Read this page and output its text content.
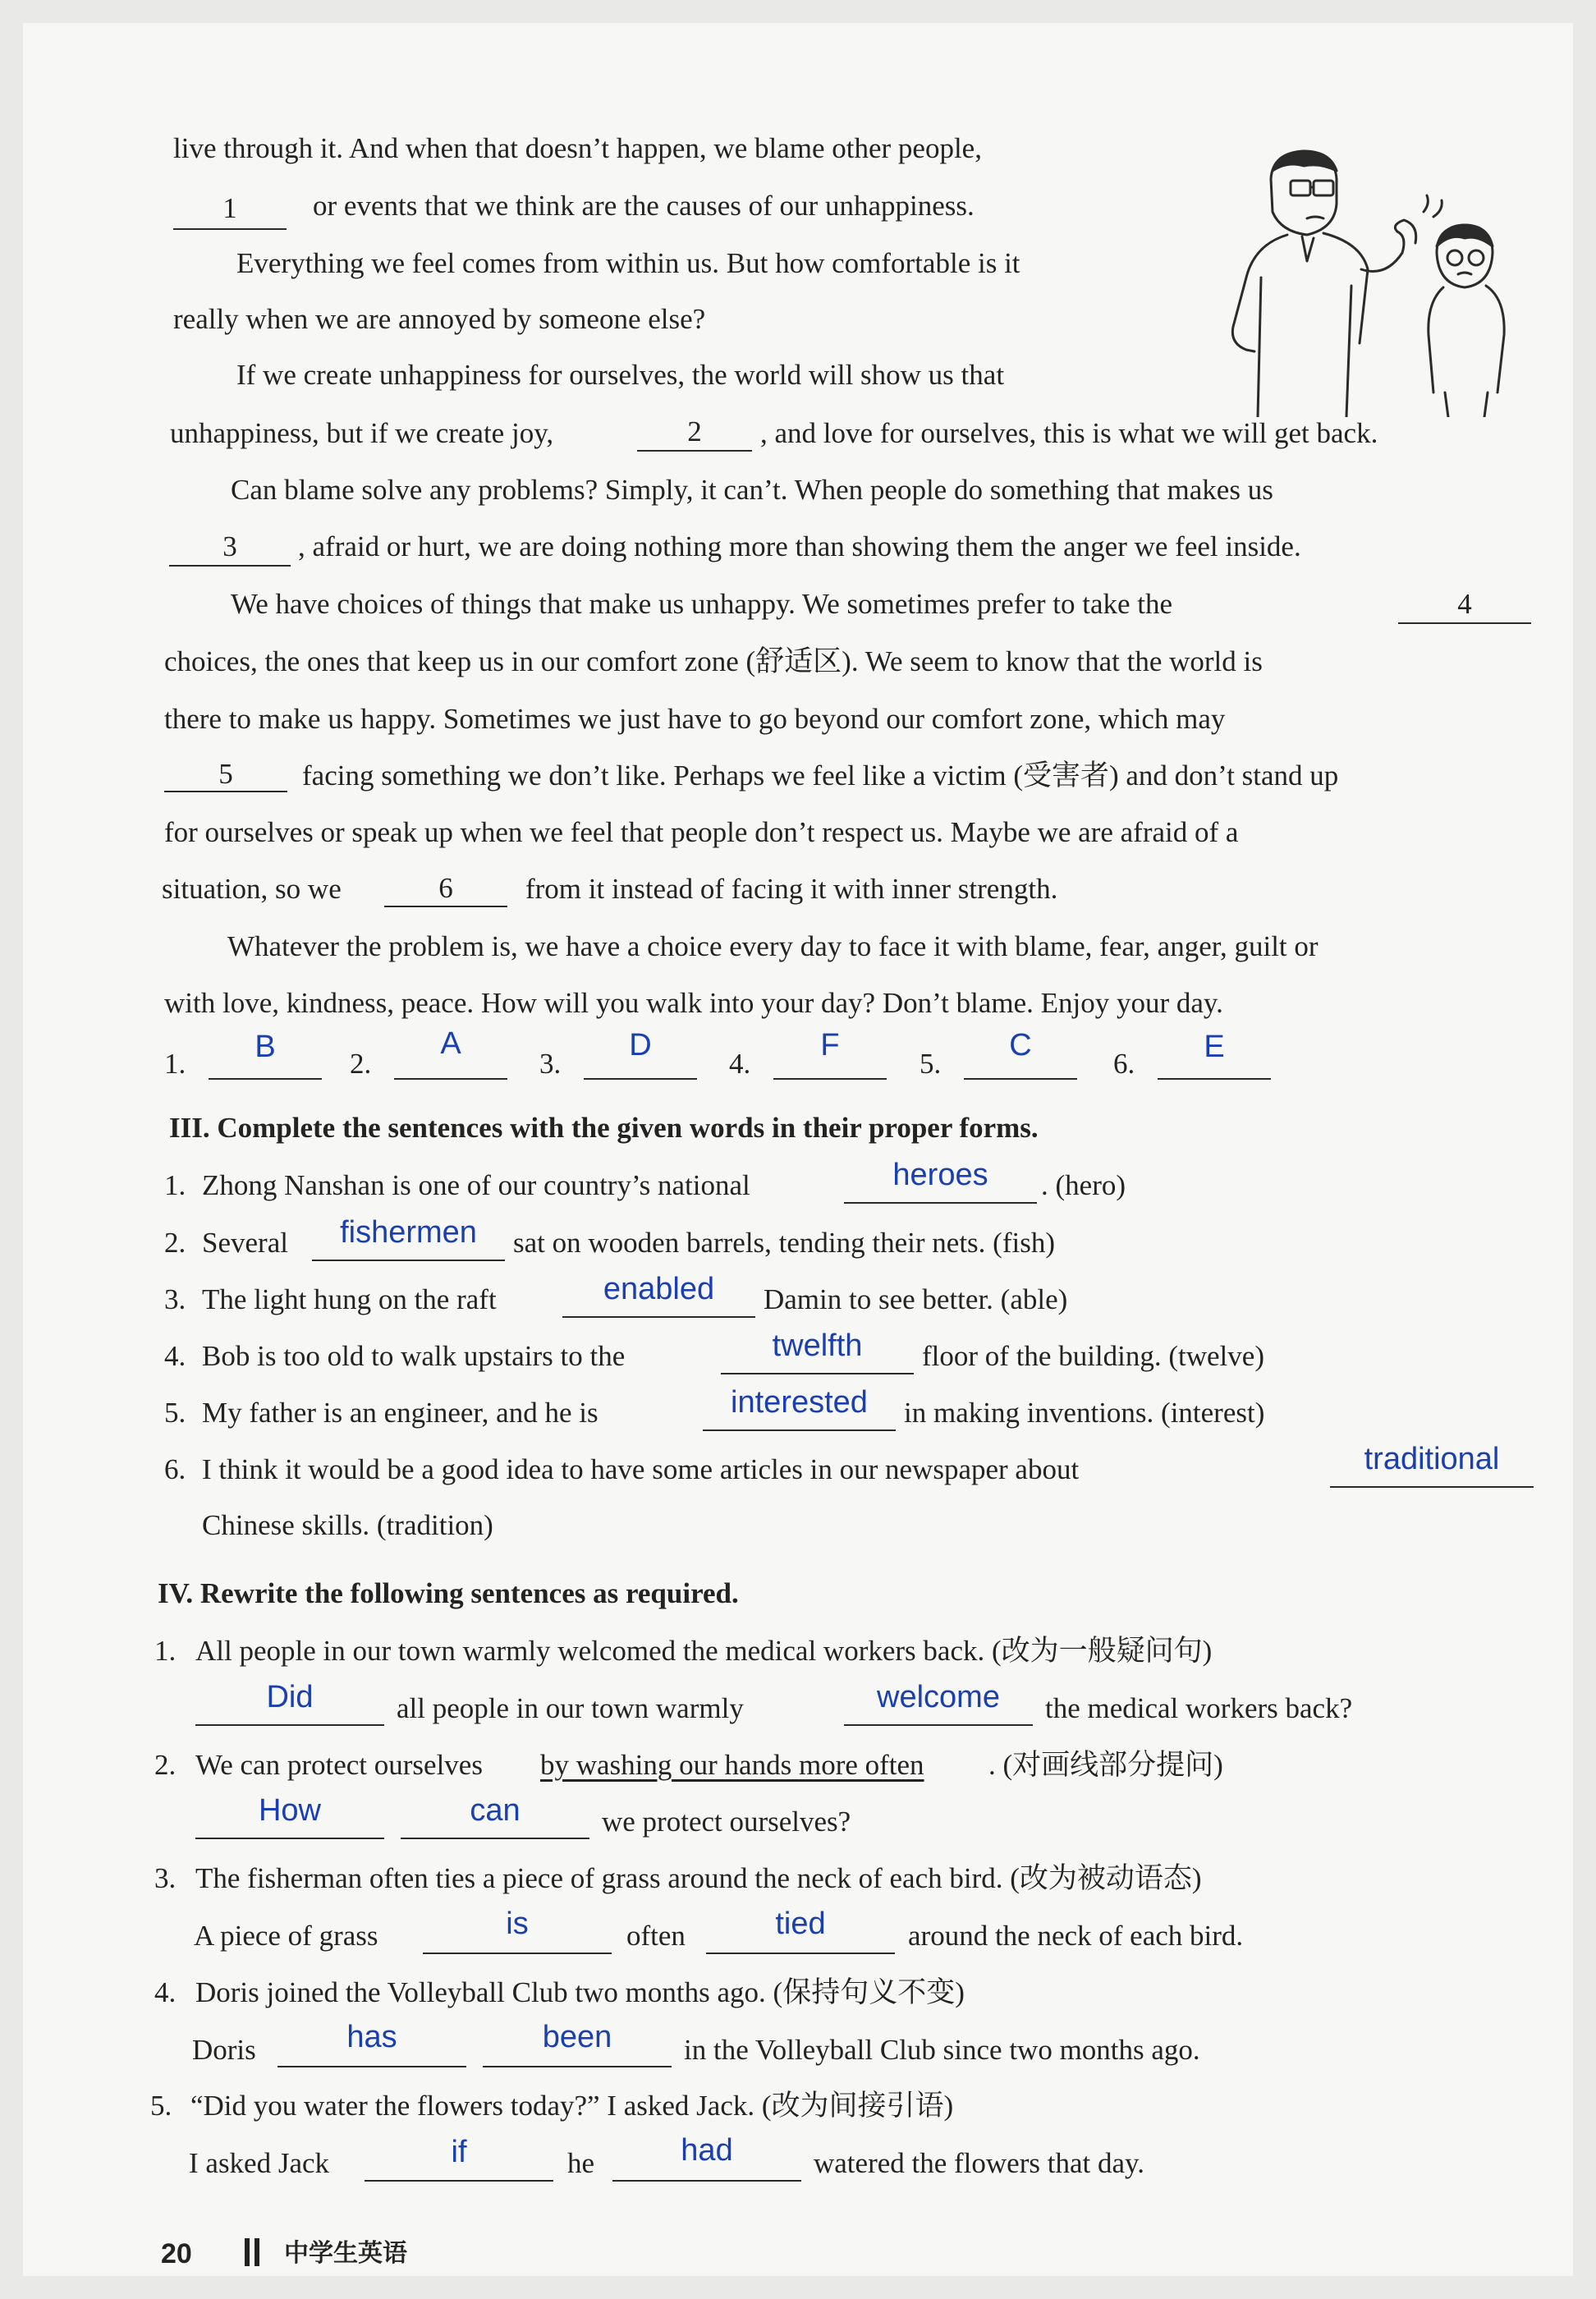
live through it. And when that doesn’t happen, we blame other people,
1	or events that we think are the causes of our unhappiness.
Everything we feel comes from within us. But how comfortable is it
really when we are annoyed by someone else?
If we create unhappiness for ourselves, the world will show us that
unhappiness, but if we create joy,	2	, and love for ourselves, this is what we will get back.
Can blame solve any problems? Simply, it can’t. When people do something that makes us
3	, afraid or hurt, we are doing nothing more than showing them the anger we feel inside.
We have choices of things that make us unhappy. We sometimes prefer to take the	4
choices, the ones that keep us in our comfort zone (舒适区). We seem to know that the world is
there to make us happy. Sometimes we just have to go beyond our comfort zone, which may
5	facing something we don’t like. Perhaps we feel like a victim (受害者) and don’t stand up
for ourselves or speak up when we feel that people don’t respect us. Maybe we are afraid of a
situation, so we	6	from it instead of facing it with inner strength.
Whatever the problem is, we have a choice every day to face it with blame, fear, anger, guilt or
with love, kindness, peace. How will you walk into your day? Don’t blame. Enjoy your day.
1.	B	2.
A
3.
D
4.
F
5.
C
6.	E
III. Complete the sentences with the given words in their proper forms.
1. Zhong Nanshan is one of our country’s national	heroes	. (hero)
2. Several	fishermen	sat on wooden barrels, tending their nets. (fish)
3. The light hung on the raft	enabled	Damin to see better. (able)
4. Bob is too old to walk upstairs to the	twelfth	floor of the building. (twelve)
5. My father is an engineer, and he is	interested	in making inventions. (interest)
6. I think it would be a good idea to have some articles in our newspaper about	traditional
Chinese skills. (tradition)
IV. Rewrite the following sentences as required.
1. All people in our town warmly welcomed the medical workers back. (改为一般疑问句)
Did	all people in our town warmly	welcome	the medical workers back?
2. We can protect ourselves by washing our hands more often . (对画线部分提问)
How	can	we protect ourselves?
3. The fisherman often ties a piece of grass around the neck of each bird. (改为被动语态)
A piece of grass	is	often	tied	around the neck of each bird.
4. Doris joined the Volleyball Club two months ago. (保持句义不变)
Doris	has	been	in the Volleyball Club since two months ago.
5. “Did you water the flowers today?” I asked Jack. (改为间接引语)
I asked Jack	if	he	had	watered the flowers that day.
20	中学生英语
